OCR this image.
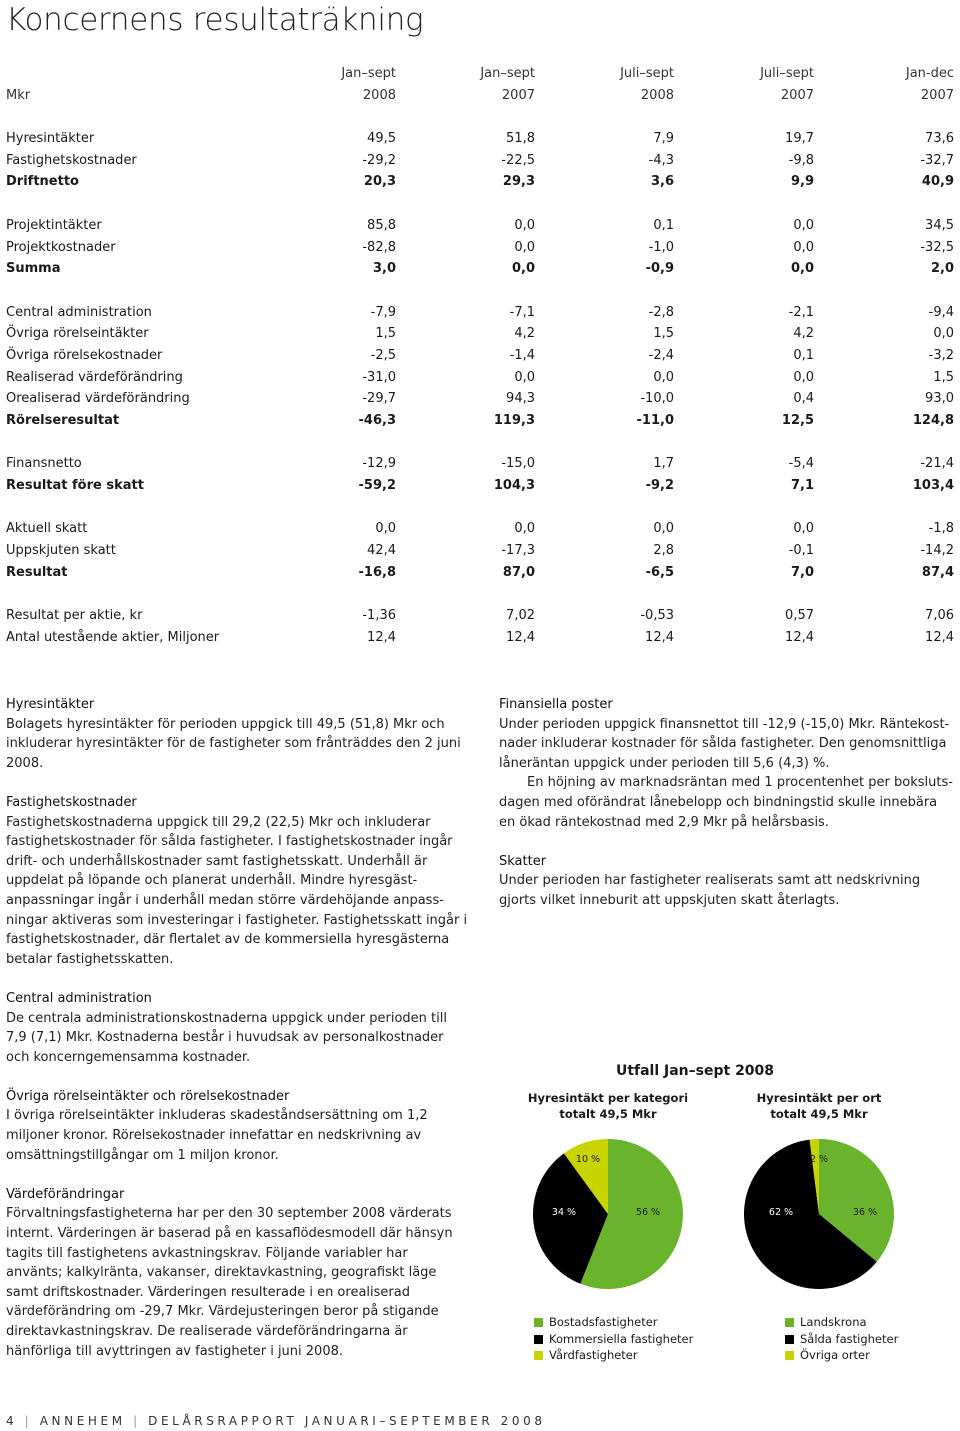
Koncernens resultaträkning
Jan–sept	Jan–sept	Juli–sept	Juli–sept	Jan-dec
Mkr	2008	2007	2008	2007	2007
Hyresintäkter	49,5	51,8	7,9	19,7	73,6
Fastighetskostnader	-29,2	-22,5	-4,3	-9,8	-32,7
Driftnetto	20,3	29,3	3,6	9,9	40,9
Projektintäkter	85,8	0,0	0,1	0,0	34,5
Projektkostnader	-82,8	0,0	-1,0	0,0	-32,5
Summa	3,0	0,0	-0,9	0,0	2,0
Central administration	-7,9	-7,1	-2,8	-2,1	-9,4
Övriga rörelseintäkter	1,5	4,2	1,5	4,2	0,0
Övriga rörelsekostnader	-2,5	-1,4	-2,4	0,1	-3,2
Realiserad värdeförändring	-31,0	0,0	0,0	0,0	1,5
Orealiserad värdeförändring	-29,7	94,3	-10,0	0,4	93,0
Rörelseresultat	-46,3	119,3	-11,0	12,5	124,8
Finansnetto	-12,9	-15,0	1,7	-5,4	-21,4
Resultat före skatt	-59,2	104,3	-9,2	7,1	103,4
Aktuell skatt	0,0	0,0	0,0	0,0	-1,8
Uppskjuten skatt	42,4	-17,3	2,8	-0,1	-14,2
Resultat	-16,8	87,0	-6,5	7,0	87,4
Resultat per aktie, kr	-1,36	7,02	-0,53	0,57	7,06
Antal utestående aktier, Miljoner	12,4	12,4	12,4	12,4	12,4
Hyresintäkter

Bolagets hyresintäkter för perioden uppgick till 49,5 (51,8) Mkr och inkluderar hyresintäkter för de fastigheter som frånträddes den 2 juni 2008.

Fastighetskostnader

Fastighetskostnaderna uppgick till 29,2 (22,5) Mkr och inkluderar fastighetskostnader för sålda fastigheter. I fastighetskostnader ingår drift- och underhållskostnader samt fastighetsskatt. Underhåll är uppdelat på löpande och planerat underhåll. Mindre hyresgästanpassningar ingår i underhåll medan större värdehöjande anpassningar aktiveras som investeringar i fastigheter. Fastighetsskatt ingår i fastighetskostnader, där flertalet av de kommersiella hyresgästerna betalar fastighetsskatten.

Central administration

De centrala administrationskostnaderna uppgick under perioden till 7,9 (7,1) Mkr. Kostnaderna består i huvudsak av personalkostnader och koncerngemensamma kostnader.

Övriga rörelseintäkter och rörelsekostnader

I övriga rörelseintäkter inkluderas skadeståndsersättning om 1,2 miljoner kronor. Rörelsekostnader innefattar en nedskrivning av omsättningstillgångar om 1 miljon kronor.

Värdeförändringar

Förvaltningsfastigheterna har per den 30 september 2008 värderats internt. Värderingen är baserad på en kassaflödesmodell där hänsyn tagits till fastighetens avkastningskrav. Följande variabler har använts; kalkylränta, vakanser, direktavkastning, geografiskt läge samt driftskostnader. Värderingen resulterade i en orealiserad värdeförändring om -29,7 Mkr. Värdejusteringen beror på stigande direktavkastningskrav. De realiserade värdeförändringarna är hänförliga till avyttringen av fastigheter i juni 2008.

Finansiella poster

Under perioden uppgick finansnettot till -12,9 (-15,0) Mkr. Räntekostnader inkluderar kostnader för sålda fastigheter. Den genomsnittliga låneräntan uppgick under perioden till 5,6 (4,3) %.

En höjning av marknadsräntan med 1 procentenhet per bokslutsdagen med oförändrat lånebelopp och bindningstid skulle innebära en ökad räntekostnad med 2,9 Mkr på helårsbasis.

Skatter

Under perioden har fastigheter realiserats samt att nedskrivning gjorts vilket inneburit att uppskjuten skatt återlagts.

Utfall Jan–sept 2008
Hyresintäkt per kategori
totalt 49,5 Mkr
Hyresintäkt per ort
totalt 49,5 Mkr
56 %
34 %
10 %
36 %
62 %
2 %
Bostadsfastigheter
Kommersiella fastigheter
Vårdfastigheter
Landskrona
Sålda fastigheter
Övriga orter
4 | ANNEHEM | DELÅRSRAPPORT JANUARI–SEPTEMBER 2008
